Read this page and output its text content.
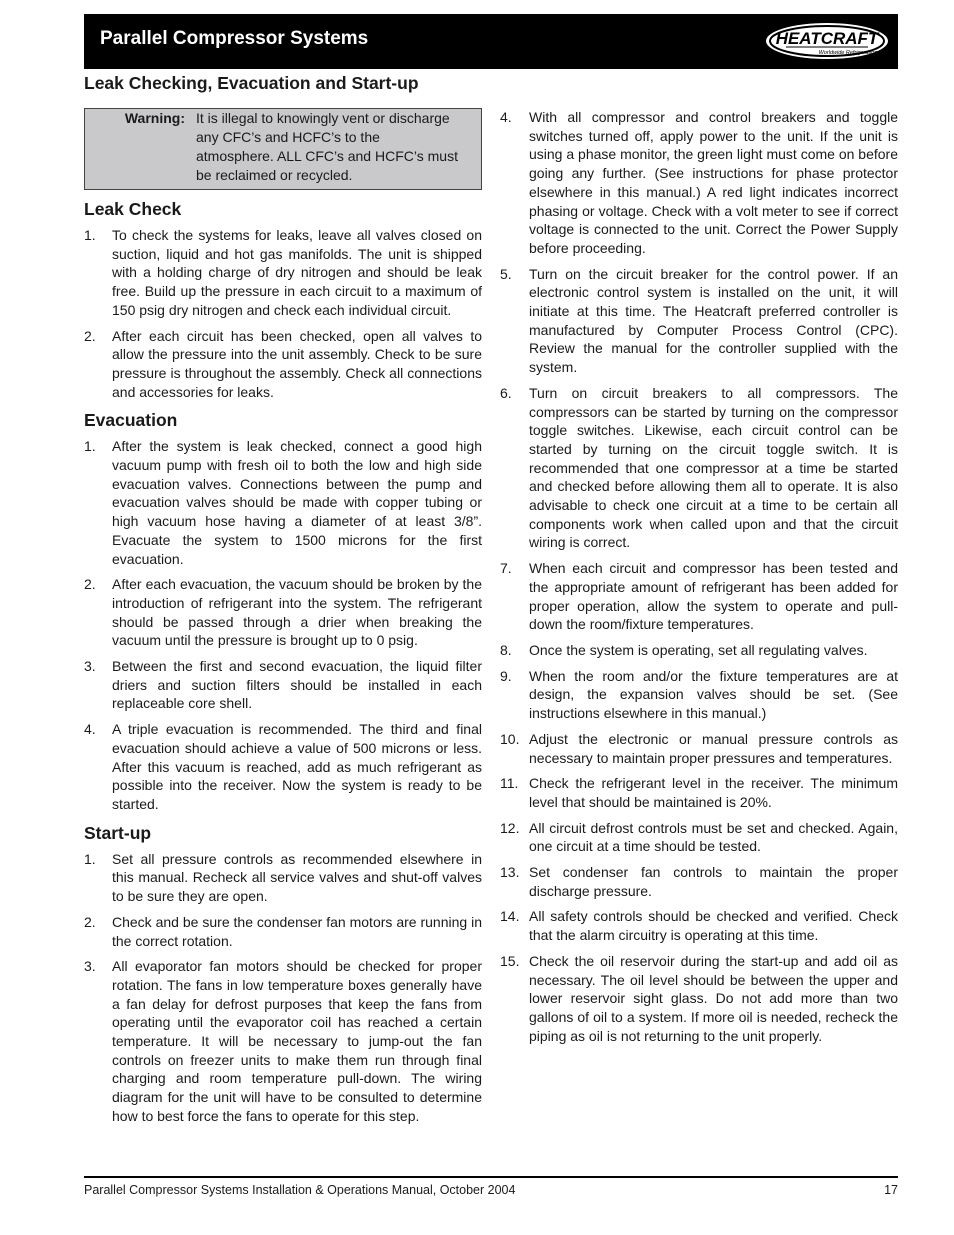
Parallel Compressor Systems	HEATCRAFT
Worldwide Refrigeration
Leak Checking, Evacuation and Start-up
Warning: It is illegal to knowingly vent or discharge any CFC’s and HCFC’s to the atmosphere. ALL CFC’s and HCFC’s must be reclaimed or recycled.
Leak Check
1.	To check the systems for leaks, leave all valves closed on suction, liquid and hot gas manifolds. The unit is shipped with a holding charge of dry nitrogen and should be leak free. Build up the pressure in each circuit to a maximum of 150 psig dry nitrogen and check each individual circuit.
2.	After each circuit has been checked, open all valves to allow the pressure into the unit assembly. Check to be sure pressure is throughout the assembly. Check all connections and accessories for leaks.
Evacuation
1.	After the system is leak checked, connect a good high vacuum pump with fresh oil to both the low and high side evacuation valves. Connections between the pump and evacuation valves should be made with copper tubing or high vacuum hose having a diameter of at least 3/8”. Evacuate the system to 1500 microns for the first evacuation.
2.	After each evacuation, the vacuum should be broken by the introduction of refrigerant into the system. The refrigerant should be passed through a drier when breaking the vacuum until the pressure is brought up to 0 psig.
3.	Between the first and second evacuation, the liquid filter driers and suction filters should be installed in each replaceable core shell.
4.	A triple evacuation is recommended. The third and final evacuation should achieve a value of 500 microns or less. After this vacuum is reached, add as much refrigerant as possible into the receiver. Now the system is ready to be started.
Start-up
1.	Set all pressure controls as recommended elsewhere in this manual. Recheck all service valves and shut-off valves to be sure they are open.
2.	Check and be sure the condenser fan motors are running in the correct rotation.
3.	All evaporator fan motors should be checked for proper rotation. The fans in low temperature boxes generally have a fan delay for defrost purposes that keep the fans from operating until the evaporator coil has reached a certain temperature. It will be necessary to jump-out the fan controls on freezer units to make them run through final charging and room temperature pull-down. The wiring diagram for the unit will have to be consulted to determine how to best force the fans to operate for this step.
4.	With all compressor and control breakers and toggle switches turned off, apply power to the unit. If the unit is using a phase monitor, the green light must come on before going any further. (See instructions for phase protector elsewhere in this manual.) A red light indicates incorrect phasing or voltage. Check with a volt meter to see if correct voltage is connected to the unit. Correct the Power Supply before proceeding.
5.	Turn on the circuit breaker for the control power. If an electronic control system is installed on the unit, it will initiate at this time. The Heatcraft preferred controller is manufactured by Computer Process Control (CPC). Review the manual for the controller supplied with the system.
6.	Turn on circuit breakers to all compressors. The compressors can be started by turning on the compressor toggle switches. Likewise, each circuit control can be started by turning on the circuit toggle switch. It is recommended that one compressor at a time be started and checked before allowing them all to operate. It is also advisable to check one circuit at a time to be certain all components work when called upon and that the circuit wiring is correct.
7.	When each circuit and compressor has been tested and the appropriate amount of refrigerant has been added for proper operation, allow the system to operate and pull-down the room/fixture temperatures.
8.	Once the system is operating, set all regulating valves.
9.	When the room and/or the fixture temperatures are at design, the expansion valves should be set. (See instructions elsewhere in this manual.)
10. Adjust the electronic or manual pressure controls as necessary to maintain proper pressures and temperatures.
11. Check the refrigerant level in the receiver. The minimum level that should be maintained is 20%.
12. All circuit defrost controls must be set and checked. Again, one circuit at a time should be tested.
13. Set condenser fan controls to maintain the proper discharge pressure.
14. All safety controls should be checked and verified. Check that the alarm circuitry is operating at this time.
15. Check the oil reservoir during the start-up and add oil as necessary. The oil level should be between the upper and lower reservoir sight glass. Do not add more than two gallons of oil to a system. If more oil is needed, recheck the piping as oil is not returning to the unit properly.
Parallel Compressor Systems Installation & Operations Manual, October 2004	17
